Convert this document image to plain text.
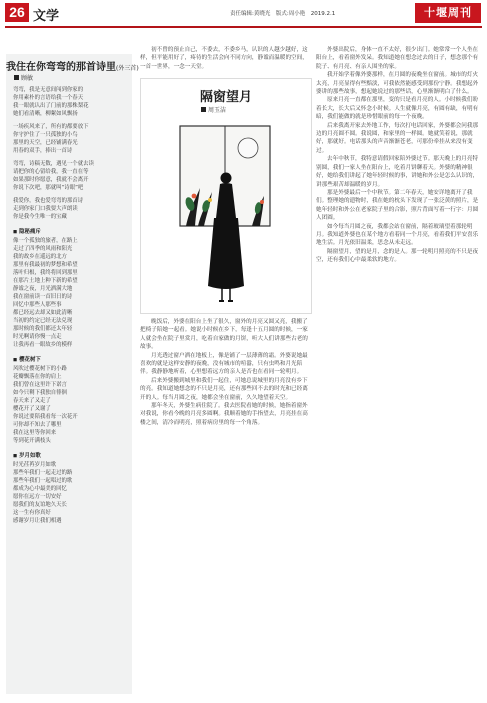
26 文学	责任编辑:黄晓光　版式:周小艳　2019.2.1	十堰周刊
我住在你弯弯的那首诗里(外三首)
顾敏
弯弯，我是无意间闯到你家的
你用素朴的言语给我一个春天
我一眼就认出了门前的那株梨花
她们看清晰，柳絮如风飘扬
一场疾风来了，所有的都要放下
你守护住了一只孤独的小鸟
那里的天空，已经铺满春光
用春的双手，捧出一首诗
弯弯，诗稿无数，遇见一个就去读
请把你的心留给我，我一直在等
如果那时你愿意，我就不会离开
你说下次吧，那就叫“诗眼”吧
我爱你，我也爱弯弯的那首诗
走到你家门口我要大声朗读
你是我今生唯一的宝藏
◼ 隐秘痛斥
像一个孤独的旅者，在路上
走过了四季的风雨和阳光
我的故乡在遥远的北方
那里有我最初的梦想和希望
落叶归根，我终将回到那里
在那片土地上种下新的希望
静谧之夜，月光洒满大地
我在窗前读一首旧日的诗
回忆中那些人那些事
都已经远去却又如此清晰
当初的约定已经无法兑现
那时候的我们都还太年轻
时光啊请你慢一点走
让我再看一眼故乡的模样
◼ 樱花树下
风吹过樱花树下的小路
花瓣飘落在你的肩上
我们曾在这里许下诺言
如今只剩下我独自徘徊
春天来了又走了
樱花开了又谢了
你说过要陪我看每一次花开
可你却不知去了哪里
我在这里等你回来
等到花开满枝头
◼ 岁月如歌
时光荏苒岁月如歌
那些年我们一起走过的路
那些年我们一起唱过的歌
都成为心中最美的回忆
愿你在远方一切安好
愿我们的友谊地久天长
这一生有你真好
感谢岁月让我们相遇
初不曾的预止自己，不委去，不委乡马，认识的人越少越好，这样，但平能用好了，疼待的生活会向不同方向，静谧而温暖的空间，一首一世界，一念一天堂。
隔窗望月
周玉洁

晚饭后，外婆在阳台上坐了很久，窗外的月亮又圆又亮，我搬了把椅子陪她一起看。她说小时候在乡下，每逢十五月圆的时候，一家人就会坐在院子里赏月，吃着自家做的月饼，听大人们讲那些古老的故事。

月光透过窗户洒在地板上，像是铺了一层薄薄的霜。外婆说她最喜欢的就是这样安静的夜晚，没有城市的喧嚣，只有虫鸣和月光陪伴。我静静地听着，心里想着远方的亲人是否也在看同一轮明月。

后来外婆搬到城里和我们一起住，可她总说城里的月亮没有乡下的亮。我知道她想念的不只是月亮，还有那些回不去的时光和已经离开的人。每当月圆之夜，她都会坐在窗前，久久地望着天空。

那年冬天，外婆生病住院了。我去医院看她的时候，她指着窗外对我说，你看今晚的月亮多圆啊。我顺着她的手指望去，月亮挂在高楼之间，清冷而明亮，照着病房里的每一个角落。

外婆出院后，身体一直不太好，很少出门。她常常一个人坐在阳台上，看着窗外发呆。我知道她在想念过去的日子，想念那个有院子、有月亮、有亲人围坐的家。

我开始学着像外婆那样，在月圆的夜晚坐在窗前。城市的灯火太亮，月亮显得有些黯淡，可我依然能感受到那份宁静。我想起外婆讲的那些故事，想起她说过的那些话，心里渐渐明白了什么。

原来月亮一直都在那里，变的只是看月亮的人。小时候我们盼着长大，长大后又怀念小时候。人生就像月亮，有圆有缺，有明有暗，我们能做的就是珍惜眼前的每一个夜晚。

后来我离开家去外地工作，每次打电话回家，外婆都会问我那边的月亮圆不圆。我说圆，和家里的一样圆。她就笑着说，那就好，那就好。电话那头的声音渐渐苍老，可那份牵挂从来没有变过。

去年中秋节，我特意请假回家陪外婆过节。那天晚上的月亮特别圆，我们一家人坐在阳台上，吃着月饼聊着天。外婆的精神很好，她给我们讲起了她年轻时候的事，讲她和外公是怎么认识的，讲那些艰苦却温暖的岁月。

那是外婆最后一个中秋节。第二年春天，她安详地离开了我们。整理她的遗物时，我在她的枕头下发现了一张泛黄的照片，是她年轻时和外公在老家院子里的合影，照片背面写着一行字：月圆人团圆。

如今每当月圆之夜，我都会站在窗前，隔着玻璃望着那轮明月。我知道外婆也在某个地方看着同一个月亮，看着我们平安喜乐地生活。月光依旧温柔，思念从未走远。

隔窗望月，望的是月，念的是人。那一轮明月照亮的不只是夜空，还有我们心中最柔软的地方。
